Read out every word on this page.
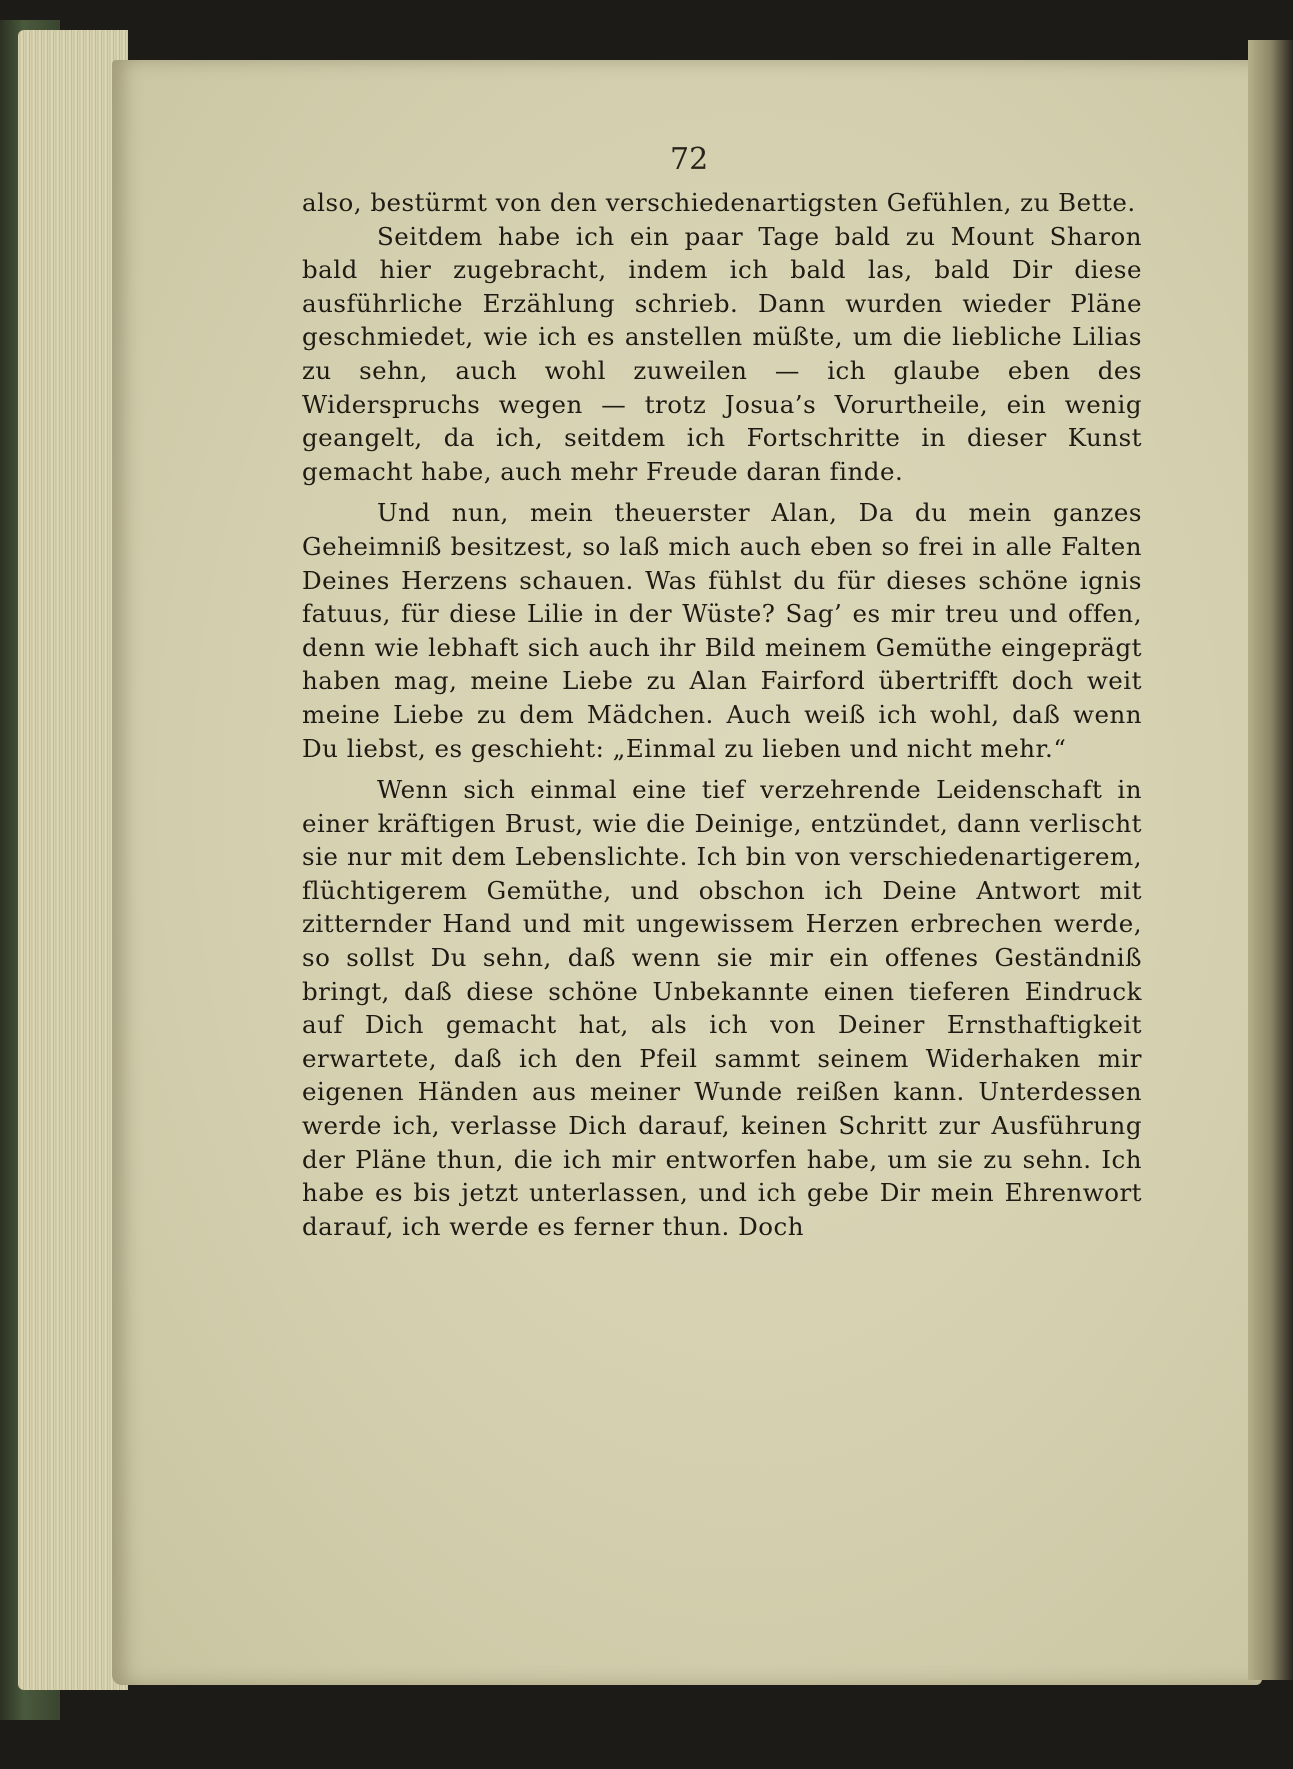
72

also, bestürmt von den verschiedenartigsten Gefühlen, zu Bette.

Seitdem habe ich ein paar Tage bald zu Mount Sharon bald hier zugebracht, indem ich bald las, bald Dir diese ausführliche Erzählung schrieb. Dann wurden wieder Pläne geschmiedet, wie ich es anstellen müßte, um die liebliche Lilias zu sehn, auch wohl zuweilen — ich glaube eben des Widerspruchs wegen — trotz Josua’s Vorurtheile, ein wenig geangelt, da ich, seitdem ich Fortschritte in dieser Kunst gemacht habe, auch mehr Freude daran finde.

Und nun, mein theuerster Alan, Da du mein ganzes Geheimniß besitzest, so laß mich auch eben so frei in alle Falten Deines Herzens schauen. Was fühlst du für dieses schöne ignis fatuus, für diese Lilie in der Wüste? Sag’ es mir treu und offen, denn wie lebhaft sich auch ihr Bild meinem Gemüthe eingeprägt haben mag, meine Liebe zu Alan Fairford übertrifft doch weit meine Liebe zu dem Mädchen. Auch weiß ich wohl, daß wenn Du liebst, es geschieht: „Einmal zu lieben und nicht mehr.“

Wenn sich einmal eine tief verzehrende Leidenschaft in einer kräftigen Brust, wie die Deinige, entzündet, dann verlischt sie nur mit dem Lebenslichte. Ich bin von verschiedenartigerem, flüchtigerem Gemüthe, und obschon ich Deine Antwort mit zitternder Hand und mit ungewissem Herzen erbrechen werde, so sollst Du sehn, daß wenn sie mir ein offenes Geständniß bringt, daß diese schöne Unbekannte einen tieferen Eindruck auf Dich gemacht hat, als ich von Deiner Ernsthaftigkeit erwartete, daß ich den Pfeil sammt seinem Widerhaken mir eigenen Händen aus meiner Wunde reißen kann. Unterdessen werde ich, verlasse Dich darauf, keinen Schritt zur Ausführung der Pläne thun, die ich mir entworfen habe, um sie zu sehn. Ich habe es bis jetzt unterlassen, und ich gebe Dir mein Ehrenwort darauf, ich werde es ferner thun. Doch
